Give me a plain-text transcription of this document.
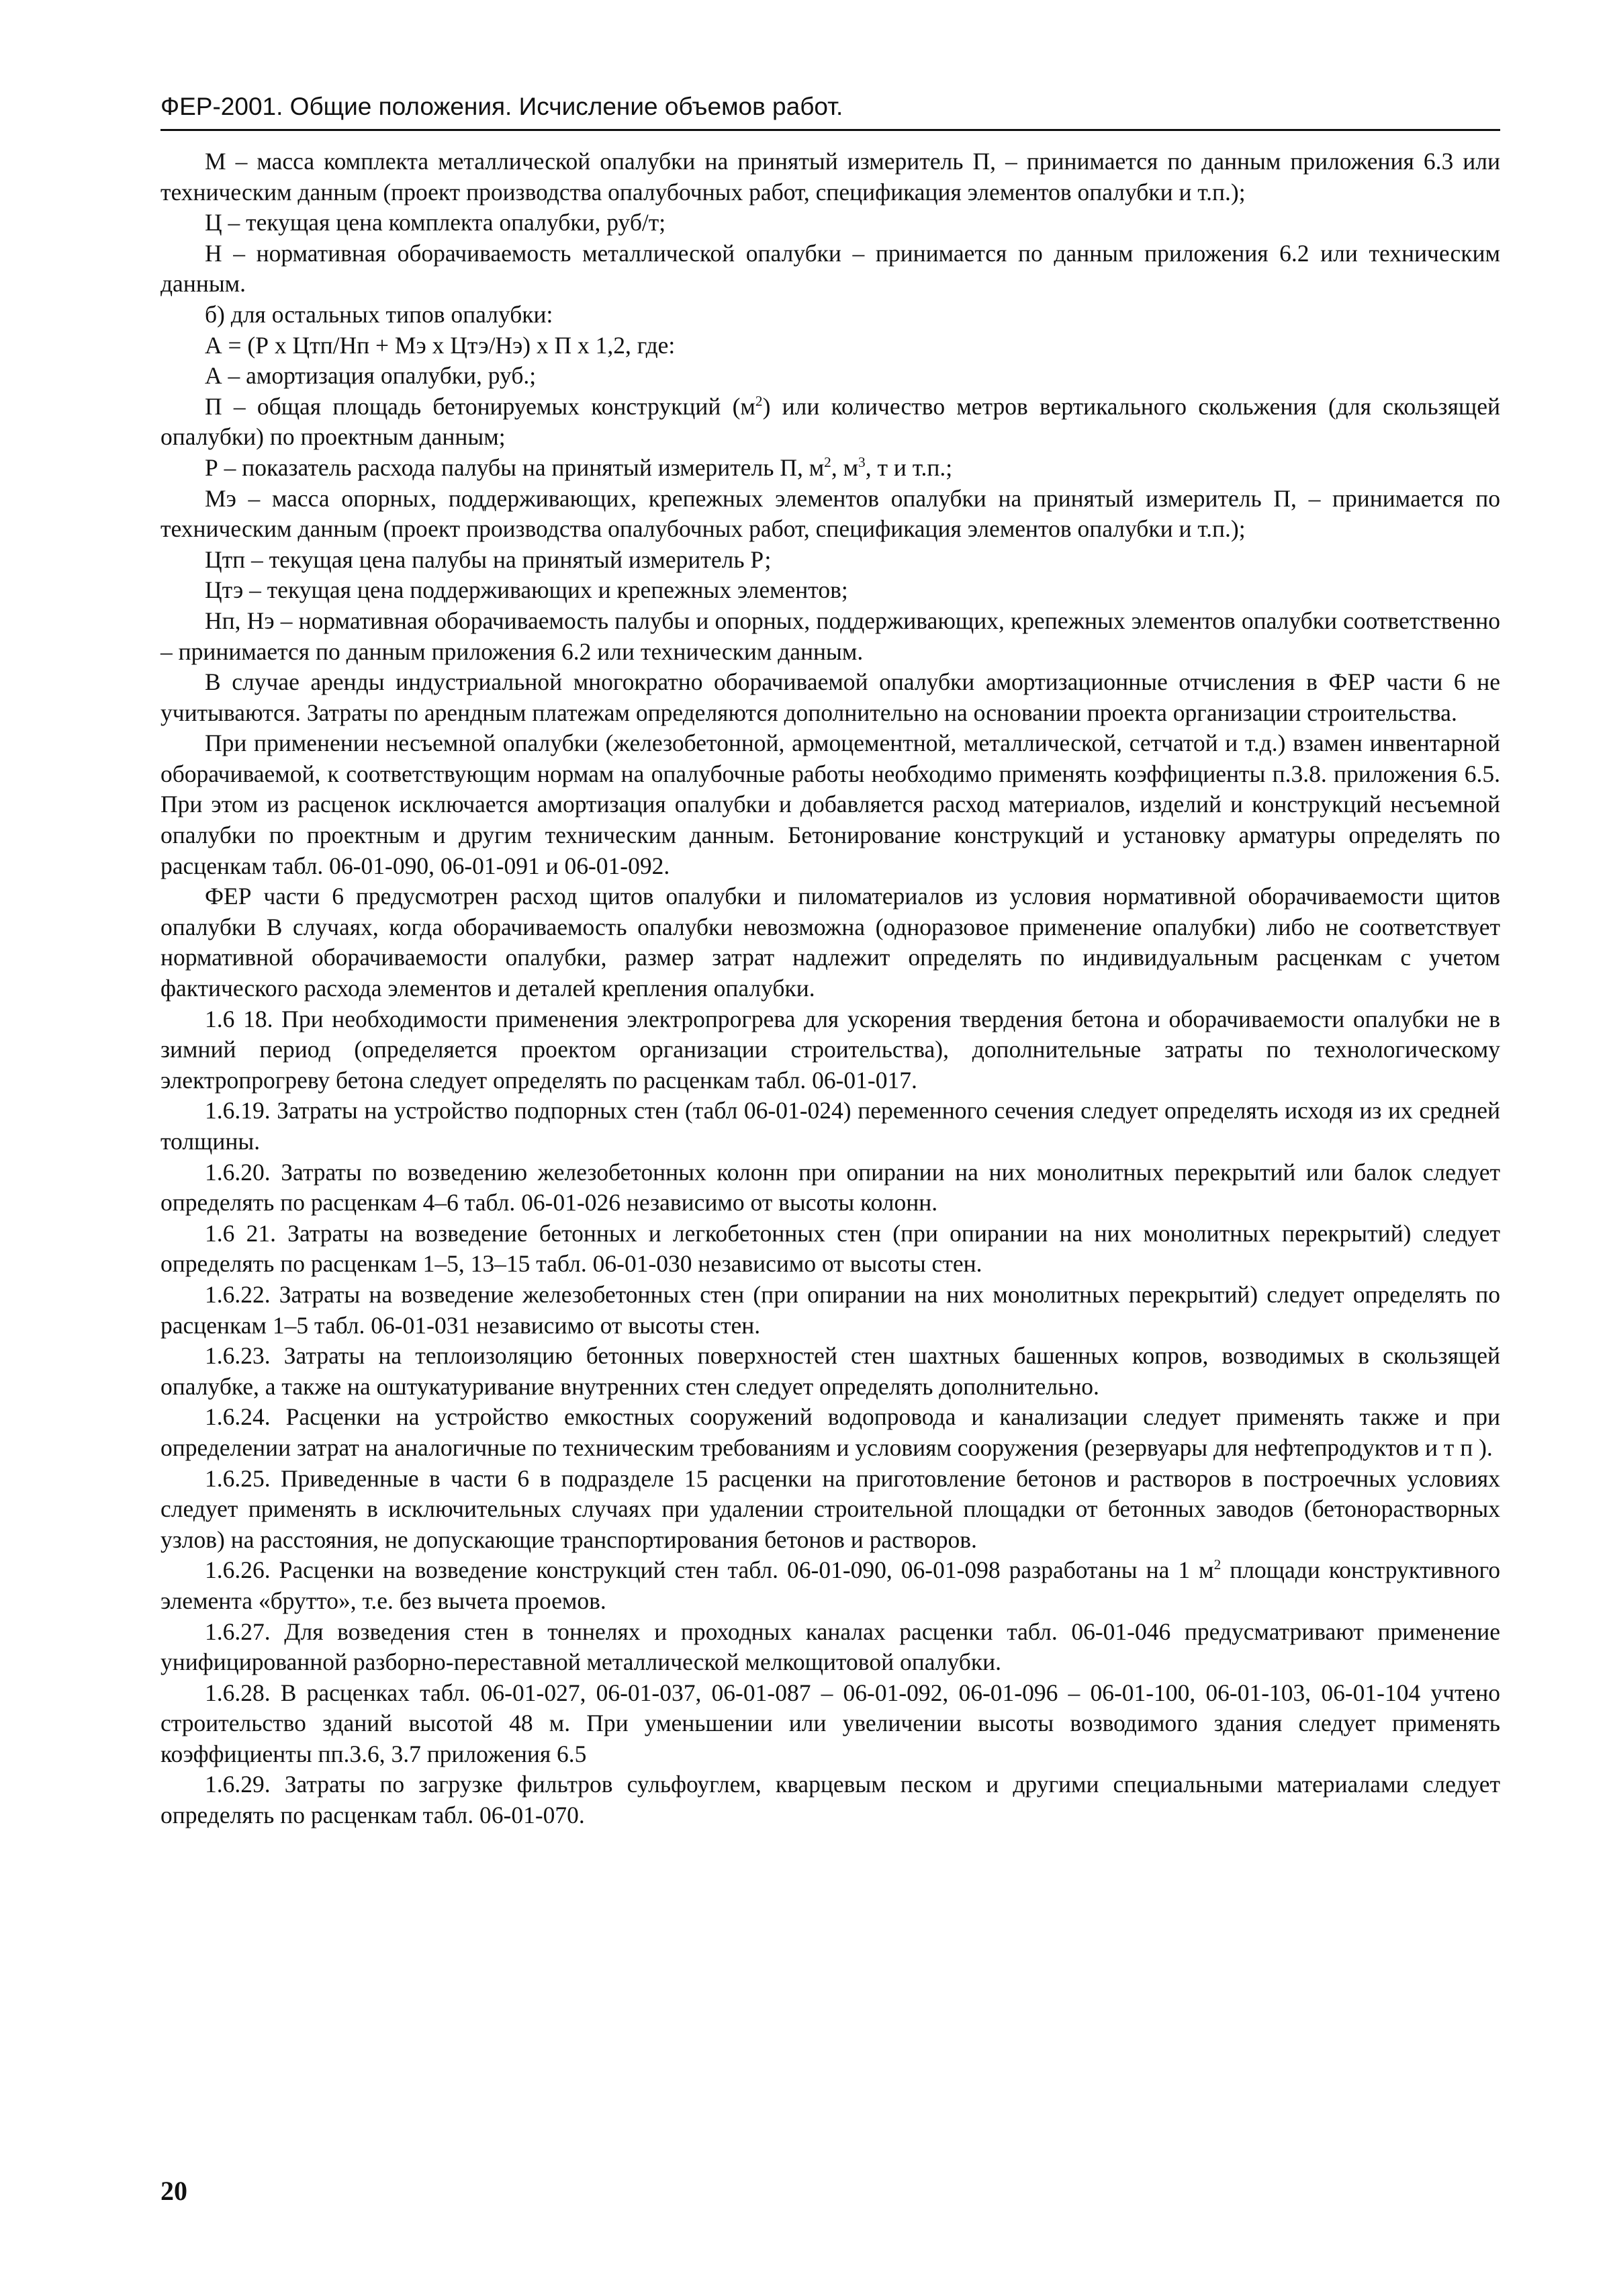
ФЕР-2001. Общие положения. Исчисление объемов работ.

М – масса комплекта металлической опалубки на принятый измеритель П, – принимается по данным приложения 6.3 или техническим данным (проект производства опалубочных работ, спецификация элементов опалубки и т.п.);

Ц – текущая цена комплекта опалубки, руб/т;

Н – нормативная оборачиваемость металлической опалубки – принимается по данным приложения 6.2 или техническим данным.

б) для остальных типов опалубки:

А = (Р х Цтп/Нп + Мэ х Цтэ/Нэ) х П х 1,2, где:

А – амортизация опалубки, руб.;

П – общая площадь бетонируемых конструкций $(м^2)$ или количество метров вертикального скольжения (для скользящей опалубки) по проектным данным;

Р – показатель расхода палубы на принятый измеритель П, $м^2$, $м^3$, т и т.п.;

Мэ – масса опорных, поддерживающих, крепежных элементов опалубки на принятый измеритель П, – принимается по техническим данным (проект производства опалубочных работ, спецификация элементов опалубки и т.п.);

Цтп – текущая цена палубы на принятый измеритель Р;

Цтэ – текущая цена поддерживающих и крепежных элементов;

Нп, Нэ – нормативная оборачиваемость палубы и опорных, поддерживающих, крепежных элементов опалубки соответственно – принимается по данным приложения 6.2 или техническим данным.

В случае аренды индустриальной многократно оборачиваемой опалубки амортизационные отчисления в ФЕР части 6 не учитываются. Затраты по арендным платежам определяются дополнительно на основании проекта организации строительства.

При применении несъемной опалубки (железобетонной, армоцементной, металлической, сетчатой и т.д.) взамен инвентарной оборачиваемой, к соответствующим нормам на опалубочные работы необходимо применять коэффициенты п.3.8. приложения 6.5. При этом из расценок исключается амортизация опалубки и добавляется расход материалов, изделий и конструкций несъемной опалубки по проектным и другим техническим данным. Бетонирование конструкций и установку арматуры определять по расценкам табл. 06-01-090, 06-01-091 и 06-01-092.

ФЕР части 6 предусмотрен расход щитов опалубки и пиломатериалов из условия нормативной оборачиваемости щитов опалубки В случаях, когда оборачиваемость опалубки невозможна (одноразовое применение опалубки) либо не соответствует нормативной оборачиваемости опалубки, размер затрат надлежит определять по индивидуальным расценкам с учетом фактического расхода элементов и деталей крепления опалубки.

1.6 18. При необходимости применения электропрогрева для ускорения твердения бетона и оборачиваемости опалубки не в зимний период (определяется проектом организации строительства), дополнительные затраты по технологическому электропрогреву бетона следует определять по расценкам табл. 06-01-017.

1.6.19. Затраты на устройство подпорных стен (табл 06-01-024) переменного сечения следует определять исходя из их средней толщины.

1.6.20. Затраты по возведению железобетонных колонн при опирании на них монолитных перекрытий или балок следует определять по расценкам 4–6 табл. 06-01-026 независимо от высоты колонн.

1.6 21. Затраты на возведение бетонных и легкобетонных стен (при опирании на них монолитных перекрытий) следует определять по расценкам 1–5, 13–15 табл. 06-01-030 независимо от высоты стен.

1.6.22. Затраты на возведение железобетонных стен (при опирании на них монолитных перекрытий) следует определять по расценкам 1–5 табл. 06-01-031 независимо от высоты стен.

1.6.23. Затраты на теплоизоляцию бетонных поверхностей стен шахтных башенных копров, возводимых в скользящей опалубке, а также на оштукатуривание внутренних стен следует определять дополнительно.

1.6.24. Расценки на устройство емкостных сооружений водопровода и канализации следует применять также и при определении затрат на аналогичные по техническим требованиям и условиям сооружения (резервуары для нефтепродуктов и т п ).

1.6.25. Приведенные в части 6 в подразделе 15 расценки на приготовление бетонов и растворов в построечных условиях следует применять в исключительных случаях при удалении строительной площадки от бетонных заводов (бетонорастворных узлов) на расстояния, не допускающие транспортирования бетонов и растворов.

1.6.26. Расценки на возведение конструкций стен табл. 06-01-090, 06-01-098 разработаны на 1 $м^2$ площади конструктивного элемента «брутто», т.е. без вычета проемов.

1.6.27. Для возведения стен в тоннелях и проходных каналах расценки табл. 06-01-046 предусматривают применение унифицированной разборно-переставной металлической мелкощитовой опалубки.

1.6.28. В расценках табл. 06-01-027, 06-01-037, 06-01-087 – 06-01-092, 06-01-096 – 06-01-100, 06-01-103, 06-01-104 учтено строительство зданий высотой 48 м. При уменьшении или увеличении высоты возводимого здания следует применять коэффициенты пп.3.6, 3.7 приложения 6.5

1.6.29. Затраты по загрузке фильтров сульфоуглем, кварцевым песком и другими специальными материалами следует определять по расценкам табл. 06-01-070.

20
